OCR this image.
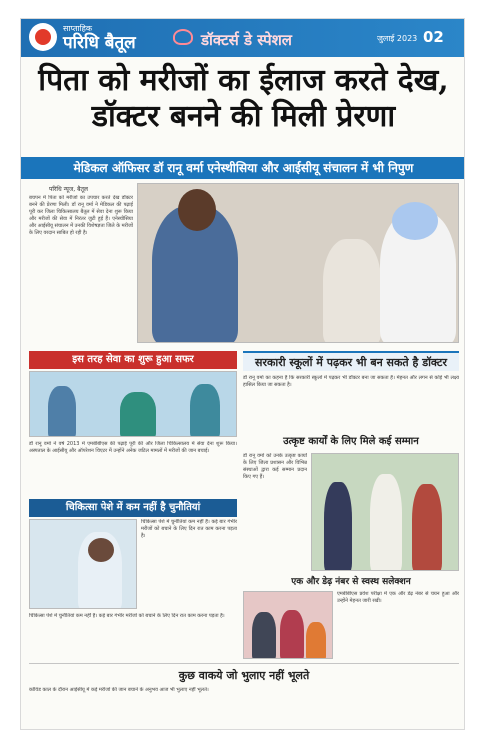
साप्ताहिक
परिधि बैतूल	डॉक्टर्स डे स्पेशल	जुलाई 2023 02
पिता को मरीजों का ईलाज करते देख, डॉक्टर बनने की मिली प्रेरणा
मेडिकल ऑफिसर डॉ रानू वर्मा एनेस्थीसिया और आईसीयू संचालन में भी निपुण
परिधि न्यूज, बैतूल
बचपन में पिता को मरीजों का उपचार करते देख डॉक्टर बनने की प्रेरणा मिली। डॉ रानू वर्मा ने मेडिकल की पढ़ाई पूरी कर जिला चिकित्सालय बैतूल में सेवा देना शुरू किया और मरीजों की सेवा में निरंतर जुटी हुई हैं। एनेस्थीसिया और आईसीयू संचालन में उनकी विशेषज्ञता जिले के मरीजों के लिए वरदान साबित हो रही है।
इस तरह सेवा का शुरू हुआ सफर
डॉ रानू वर्मा ने वर्ष 2013 में एमबीबीएस की पढ़ाई पूरी की और जिला चिकित्सालय में सेवा देना शुरू किया। अस्पताल के आईसीयू और ऑपरेशन थिएटर में उन्होंने अनेक जटिल मामलों में मरीजों की जान बचाई।
सरकारी स्कूलों में पढ़कर भी बन सकते है डॉक्टर
डॉ रानू वर्मा का कहना है कि सरकारी स्कूलों में पढ़कर भी डॉक्टर बना जा सकता है। मेहनत और लगन से कोई भी लक्ष्य हासिल किया जा सकता है।
उत्कृष्ट कार्यों के लिए मिले कई सम्मान
डॉ रानू वर्मा को उनके उत्कृष्ट कार्यों के लिए जिला प्रशासन और विभिन्न संस्थाओं द्वारा कई सम्मान प्रदान किए गए हैं।
चिकित्सा पेशे में कम नहीं है चुनौतियां
चिकित्सा पेशे में चुनौतियां कम नहीं हैं। कई बार गंभीर मरीजों को बचाने के लिए दिन रात काम करना पड़ता है।
चिकित्सा पेशे में चुनौतियां कम नहीं हैं। कई बार गंभीर मरीजों को बचाने के लिए दिन रात काम करना पड़ता है।
एक और डेढ़ नंबर से स्वस्थ सलेक्शन
एमबीबीएस प्रवेश परीक्षा में एक और डेढ़ नंबर से चयन हुआ और उन्होंने मेहनत जारी रखी।
कुछ वाकये जो भुलाए नहीं भूलते
कोविड काल के दौरान आईसीयू में कई मरीजों की जान बचाने के अनुभव आज भी भुलाए नहीं भूलते।
